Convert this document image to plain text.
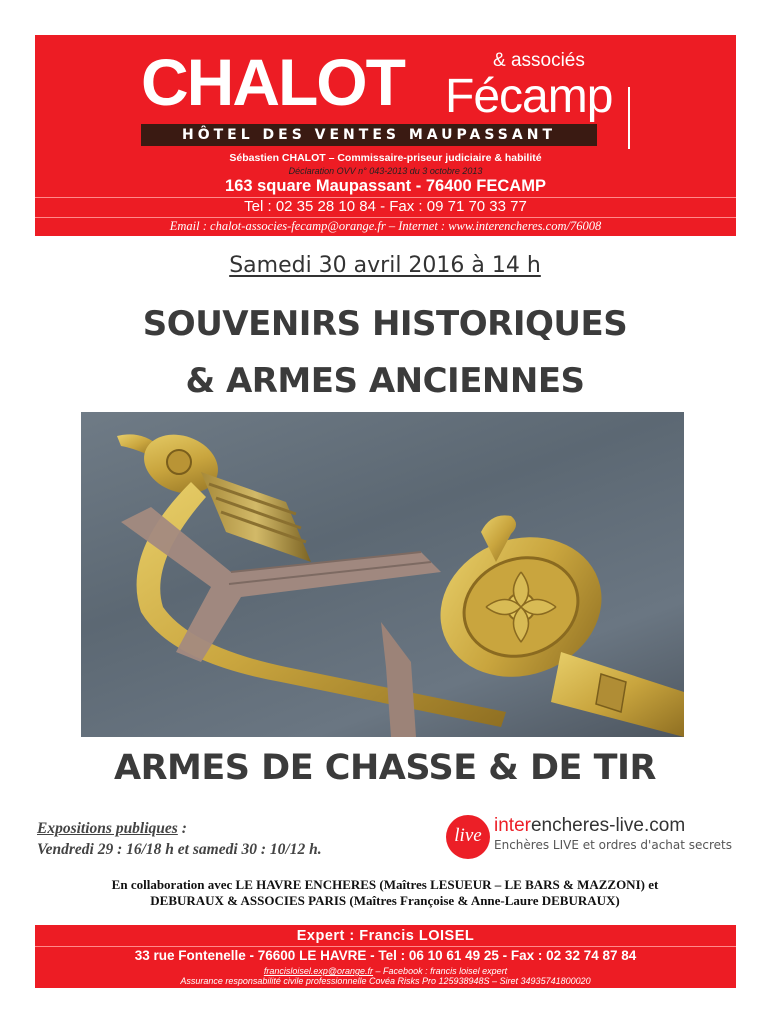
CHALOT	& associés
Fécamp
HÔTEL DES VENTES MAUPASSANT
Sébastien CHALOT – Commissaire-priseur judiciaire & habilité
Déclaration OVV n° 043-2013 du 3 octobre 2013
163 square Maupassant - 76400 FECAMP
Tel : 02 35 28 10 84 - Fax : 09 71 70 33 77
Email : chalot-associes-fecamp@orange.fr – Internet : www.interencheres.com/76008
Samedi 30 avril 2016 à 14 h
SOUVENIRS HISTORIQUES
& ARMES ANCIENNES
ARMES DE CHASSE & DE TIR
Expositions publiques :
Vendredi 29 : 16/18 h et samedi 30 : 10/12 h.
live interencheres-live.com
Enchères LIVE et ordres d'achat secrets
En collaboration avec LE HAVRE ENCHERES (Maîtres LESUEUR – LE BARS & MAZZONI) et
DEBURAUX & ASSOCIES PARIS (Maîtres Françoise & Anne-Laure DEBURAUX)
Expert : Francis LOISEL
33 rue Fontenelle - 76600 LE HAVRE - Tel : 06 10 61 49 25 - Fax : 02 32 74 87 84
francisloisel.exp@orange.fr – Facebook : francis loisel expert
Assurance responsabilité civile professionnelle Covéa Risks Pro 125938948S – Siret 34935741800020
